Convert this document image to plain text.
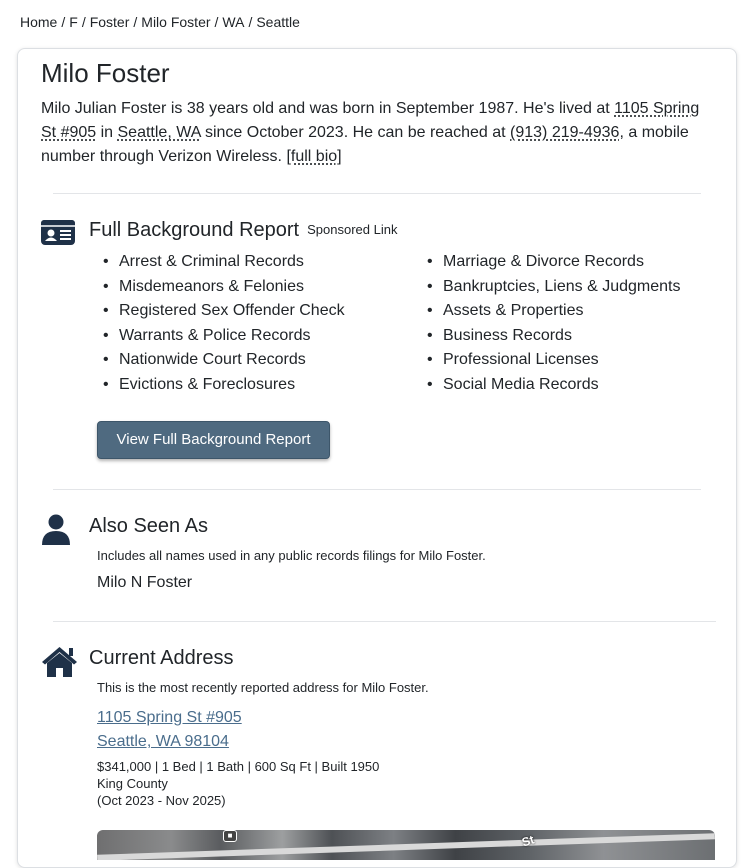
Home / F / Foster / Milo Foster / WA / Seattle
Milo Foster

Milo Julian Foster is 38 years old and was born in September 1987. He's lived at 1105 Spring St #905 in Seattle, WA since October 2023. He can be reached at (913) 219-4936, a mobile number through Verizon Wireless. [full bio]

Full Background Report Sponsored Link
• Arrest & Criminal Records
• Misdemeanors & Felonies
• Registered Sex Offender Check
• Warrants & Police Records
• Nationwide Court Records
• Evictions & Foreclosures
• Marriage & Divorce Records
• Bankruptcies, Liens & Judgments
• Assets & Properties
• Business Records
• Professional Licenses
• Social Media Records
View Full Background Report
Also Seen As
Includes all names used in any public records filings for Milo Foster.
Milo N Foster
Current Address
This is the most recently reported address for Milo Foster.
1105 Spring St #905
Seattle, WA 98104
$341,000 | 1 Bed | 1 Bath | 600 Sq Ft | Built 1950
King County
(Oct 2023 - Nov 2025)
■	St
